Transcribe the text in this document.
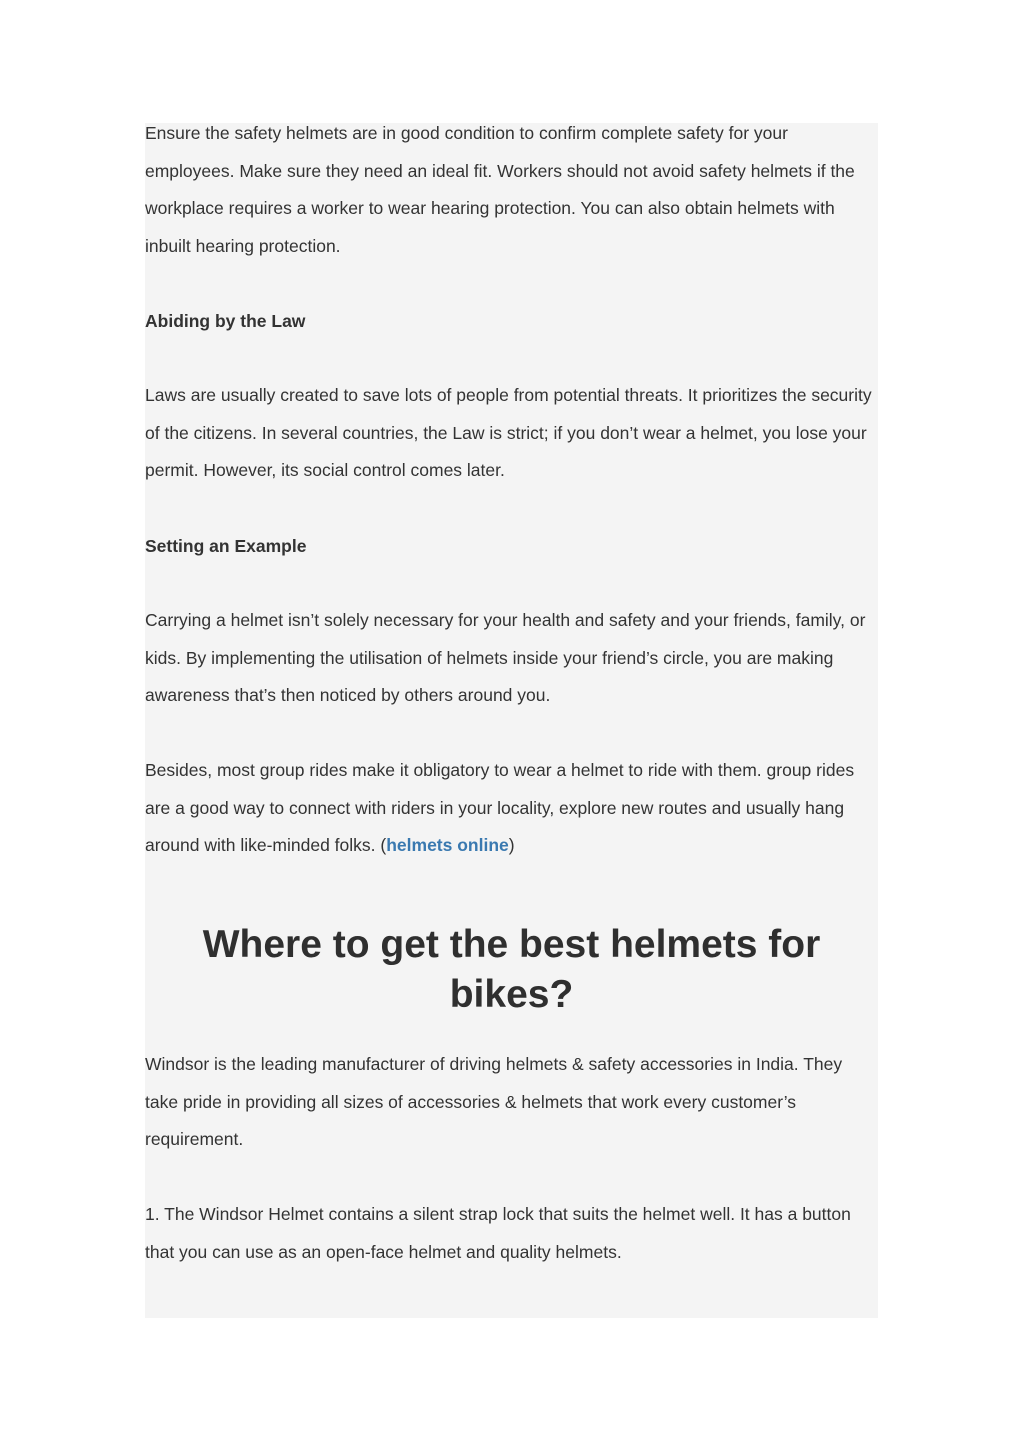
Ensure the safety helmets are in good condition to confirm complete safety for your employees. Make sure they need an ideal fit. Workers should not avoid safety helmets if the workplace requires a worker to wear hearing protection. You can also obtain helmets with inbuilt hearing protection.

Abiding by the Law

Laws are usually created to save lots of people from potential threats. It prioritizes the security of the citizens. In several countries, the Law is strict; if you don’t wear a helmet, you lose your permit. However, its social control comes later.

Setting an Example

Carrying a helmet isn’t solely necessary for your health and safety and your friends, family, or kids. By implementing the utilisation of helmets inside your friend’s circle, you are making awareness that’s then noticed by others around you.

Besides, most group rides make it obligatory to wear a helmet to ride with them. group rides are a good way to connect with riders in your locality, explore new routes and usually hang around with like-minded folks. (helmets online)

Where to get the best helmets for bikes?

Windsor is the leading manufacturer of driving helmets & safety accessories in India. They take pride in providing all sizes of accessories & helmets that work every customer’s requirement.

1. The Windsor Helmet contains a silent strap lock that suits the helmet well. It has a button that you can use as an open-face helmet and quality helmets.
